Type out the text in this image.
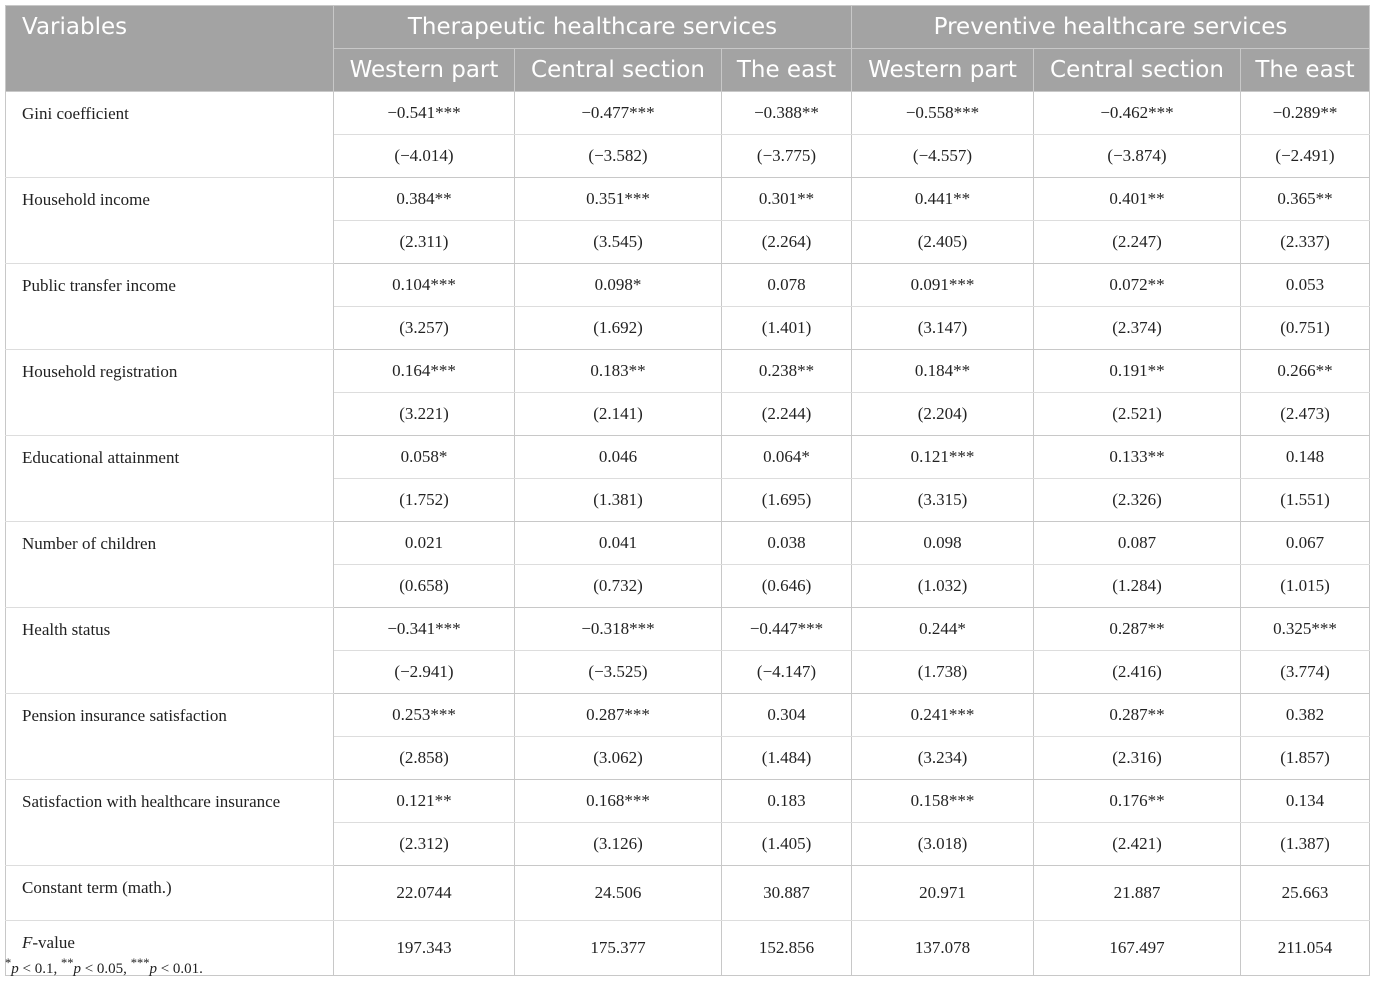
Variables	Therapeutic healthcare services			Preventive healthcare services		
	Western part	Central section	The east	Western part	Central section	The east
Gini coefficient	−0.541***	−0.477***	−0.388**	−0.558***	−0.462***	−0.289**
	(−4.014)	(−3.582)	(−3.775)	(−4.557)	(−3.874)	(−2.491)
Household income	0.384**	0.351***	0.301**	0.441**	0.401**	0.365**
	(2.311)	(3.545)	(2.264)	(2.405)	(2.247)	(2.337)
Public transfer income	0.104***	0.098*	0.078	0.091***	0.072**	0.053
	(3.257)	(1.692)	(1.401)	(3.147)	(2.374)	(0.751)
Household registration	0.164***	0.183**	0.238**	0.184**	0.191**	0.266**
	(3.221)	(2.141)	(2.244)	(2.204)	(2.521)	(2.473)
Educational attainment	0.058*	0.046	0.064*	0.121***	0.133**	0.148
	(1.752)	(1.381)	(1.695)	(3.315)	(2.326)	(1.551)
Number of children	0.021	0.041	0.038	0.098	0.087	0.067
	(0.658)	(0.732)	(0.646)	(1.032)	(1.284)	(1.015)
Health status	−0.341***	−0.318***	−0.447***	0.244*	0.287**	0.325***
	(−2.941)	(−3.525)	(−4.147)	(1.738)	(2.416)	(3.774)
Pension insurance satisfaction	0.253***	0.287***	0.304	0.241***	0.287**	0.382
	(2.858)	(3.062)	(1.484)	(3.234)	(2.316)	(1.857)
Satisfaction with healthcare insurance	0.121**	0.168***	0.183	0.158***	0.176**	0.134
	(2.312)	(3.126)	(1.405)	(3.018)	(2.421)	(1.387)
Constant term (math.)	22.0744	24.506	30.887	20.971	21.887	25.663
F-value	197.343	175.377	152.856	137.078	167.497	211.054
*p < 0.1, **p < 0.05, ***p < 0.01.
